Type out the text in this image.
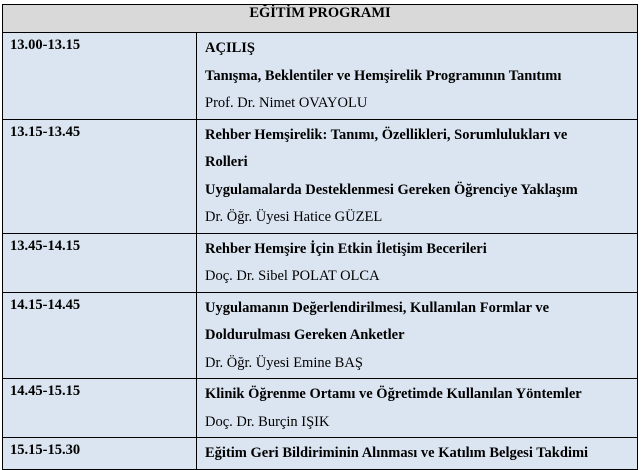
EĞİTİM PROGRAMI	
13.00-13.15	AÇILIŞ
Tanışma, Beklentiler ve Hemşirelik Programının Tanıtımı
Prof. Dr. Nimet OVAYOLU

13.15-13.45	Rehber Hemşirelik: Tanımı, Özellikleri, Sorumlulukları ve
Rolleri
Uygulamalarda Desteklenmesi Gereken Öğrenciye Yaklaşım
Dr. Öğr. Üyesi Hatice GÜZEL

13.45-14.15	Rehber Hemşire İçin Etkin İletişim Becerileri
Doç. Dr. Sibel POLAT OLCA

14.15-14.45	Uygulamanın Değerlendirilmesi, Kullanılan Formlar ve
Doldurulması Gereken Anketler
Dr. Öğr. Üyesi Emine BAŞ

14.45-15.15	Klinik Öğrenme Ortamı ve Öğretimde Kullanılan Yöntemler
Doç. Dr. Burçin IŞIK

15.15-15.30	Eğitim Geri Bildiriminin Alınması ve Katılım Belgesi Takdimi
